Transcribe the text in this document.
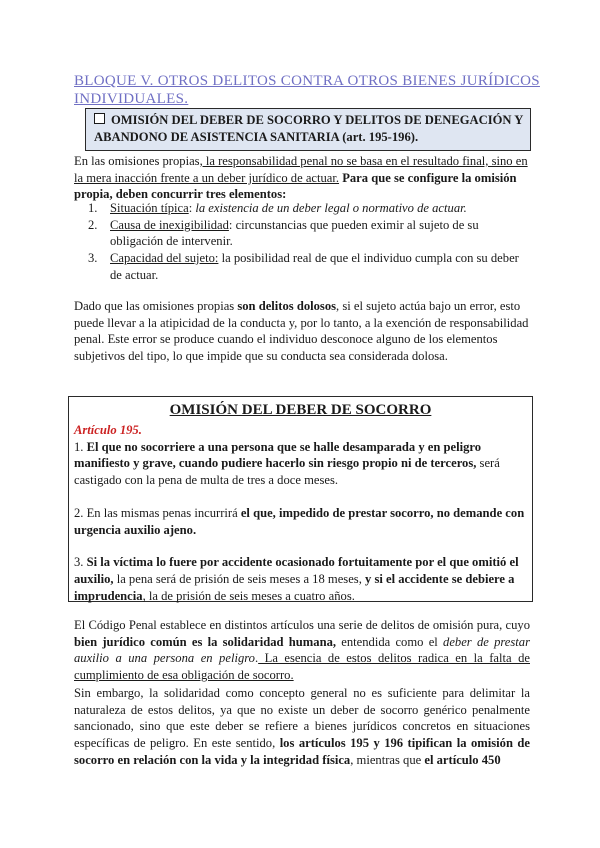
BLOQUE V. OTROS DELITOS CONTRA OTROS BIENES JURÍDICOS INDIVIDUALES.
OMISIÓN DEL DEBER DE SOCORRO Y DELITOS DE DENEGACIÓN Y ABANDONO DE ASISTENCIA SANITARIA (art. 195-196).
En las omisiones propias, la responsabilidad penal no se basa en el resultado final, sino en la mera inacción frente a un deber jurídico de actuar. Para que se configure la omisión propia, deben concurrir tres elementos:
1. Situación típica: la existencia de un deber legal o normativo de actuar.
2. Causa de inexigibilidad: circunstancias que pueden eximir al sujeto de su obligación de intervenir.
3. Capacidad del sujeto: la posibilidad real de que el individuo cumpla con su deber de actuar.
Dado que las omisiones propias son delitos dolosos, si el sujeto actúa bajo un error, esto puede llevar a la atipicidad de la conducta y, por lo tanto, a la exención de responsabilidad penal. Este error se produce cuando el individuo desconoce alguno de los elementos subjetivos del tipo, lo que impide que su conducta sea considerada dolosa.
OMISIÓN DEL DEBER DE SOCORRO
Artículo 195.

1. El que no socorriere a una persona que se halle desamparada y en peligro manifiesto y grave, cuando pudiere hacerlo sin riesgo propio ni de terceros, será castigado con la pena de multa de tres a doce meses.

2. En las mismas penas incurrirá el que, impedido de prestar socorro, no demande con urgencia auxilio ajeno.

3. Si la víctima lo fuere por accidente ocasionado fortuitamente por el que omitió el auxilio, la pena será de prisión de seis meses a 18 meses, y si el accidente se debiere a imprudencia, la de prisión de seis meses a cuatro años.

El Código Penal establece en distintos artículos una serie de delitos de omisión pura, cuyo bien jurídico común es la solidaridad humana, entendida como el deber de prestar auxilio a una persona en peligro. La esencia de estos delitos radica en la falta de cumplimiento de esa obligación de socorro.
Sin embargo, la solidaridad como concepto general no es suficiente para delimitar la naturaleza de estos delitos, ya que no existe un deber de socorro genérico penalmente sancionado, sino que este deber se refiere a bienes jurídicos concretos en situaciones específicas de peligro. En este sentido, los artículos 195 y 196 tipifican la omisión de socorro en relación con la vida y la integridad física, mientras que el artículo 450
